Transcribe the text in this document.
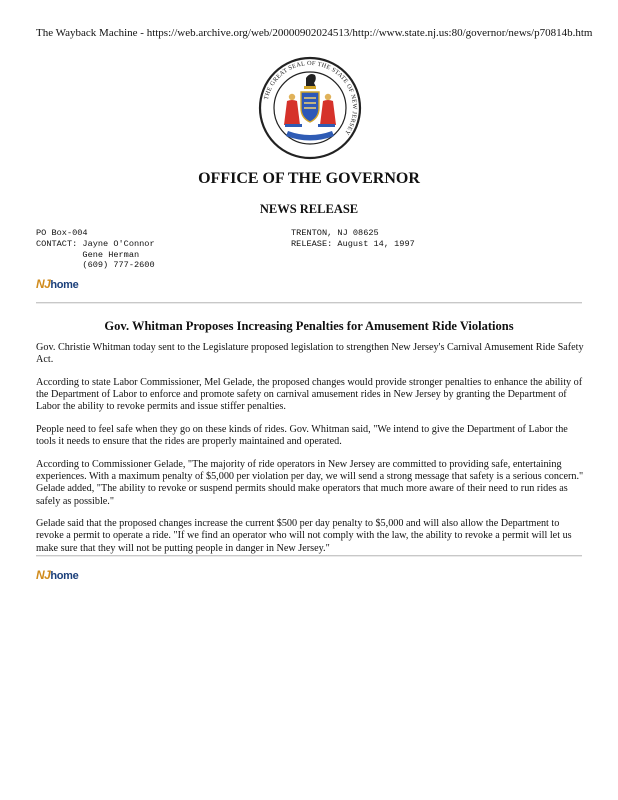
The Wayback Machine - https://web.archive.org/web/20000902024513/http://www.state.nj.us:80/governor/news/p70814b.htm
THE GREAT SEAL OF THE STATE OF NEW JERSEY
OFFICE OF THE GOVERNOR
NEWS RELEASE
PO Box-004
CONTACT: Jayne O'Connor
Gene Herman
(609) 777-2600
TRENTON, NJ 08625
RELEASE: August 14, 1997
NJ home
Gov. Whitman Proposes Increasing Penalties for Amusement Ride Violations

Gov. Christie Whitman today sent to the Legislature proposed legislation to strengthen New Jersey's Carnival Amusement Ride Safety Act.

According to state Labor Commissioner, Mel Gelade, the proposed changes would provide stronger penalties to enhance the ability of the Department of Labor to enforce and promote safety on carnival amusement rides in New Jersey by granting the Department of Labor the ability to revoke permits and issue stiffer penalties.

People need to feel safe when they go on these kinds of rides. Gov. Whitman said, "We intend to give the Department of Labor the tools it needs to ensure that the rides are properly maintained and operated.

According to Commissioner Gelade, "The majority of ride operators in New Jersey are committed to providing safe, entertaining experiences. With a maximum penalty of $5,000 per violation per day, we will send a strong message that safety is a serious concern." Gelade added, "The ability to revoke or suspend permits should make operators that much more aware of their need to run rides as safely as possible."

Gelade said that the proposed changes increase the current $500 per day penalty to $5,000 and will also allow the Department to revoke a permit to operate a ride. "If we find an operator who will not comply with the law, the ability to revoke a permit will let us make sure that they will not be putting people in danger in New Jersey."

NJ home
